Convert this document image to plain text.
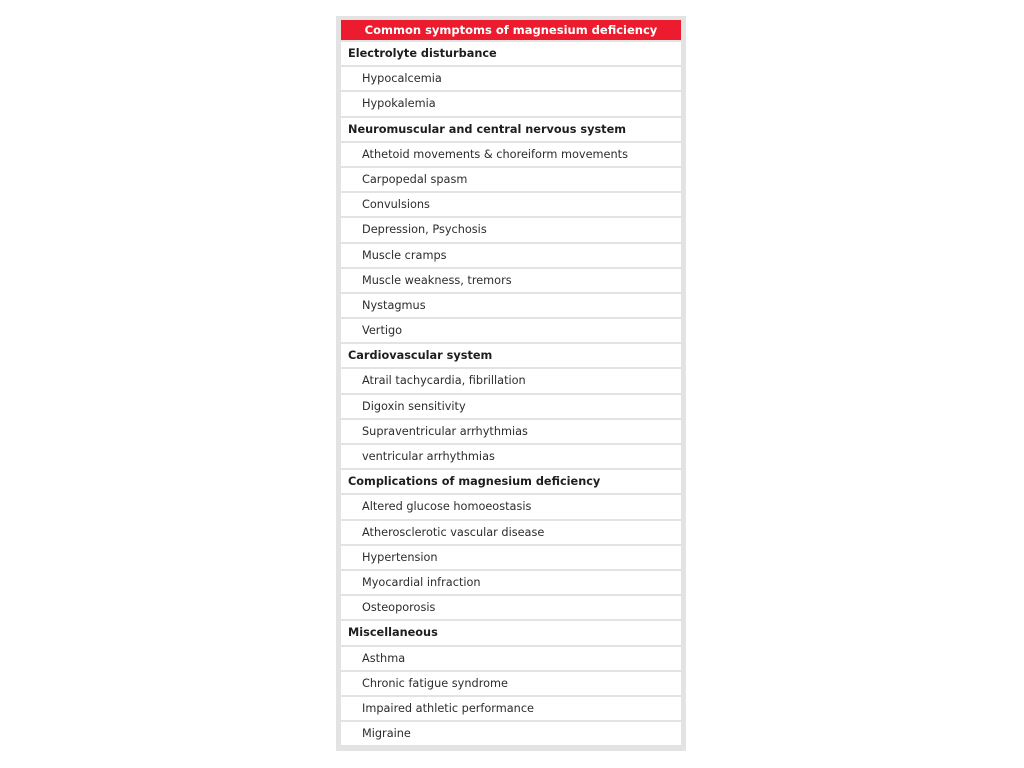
Common symptoms of magnesium deficiency
Electrolyte disturbance
Hypocalcemia
Hypokalemia
Neuromuscular and central nervous system
Athetoid movements & choreiform movements
Carpopedal spasm
Convulsions
Depression, Psychosis
Muscle cramps
Muscle weakness, tremors
Nystagmus
Vertigo
Cardiovascular system
Atrail tachycardia, fibrillation
Digoxin sensitivity
Supraventricular arrhythmias
ventricular arrhythmias
Complications of magnesium deficiency
Altered glucose homoeostasis
Atherosclerotic vascular disease
Hypertension
Myocardial infraction
Osteoporosis
Miscellaneous
Asthma
Chronic fatigue syndrome
Impaired athletic performance
Migraine
